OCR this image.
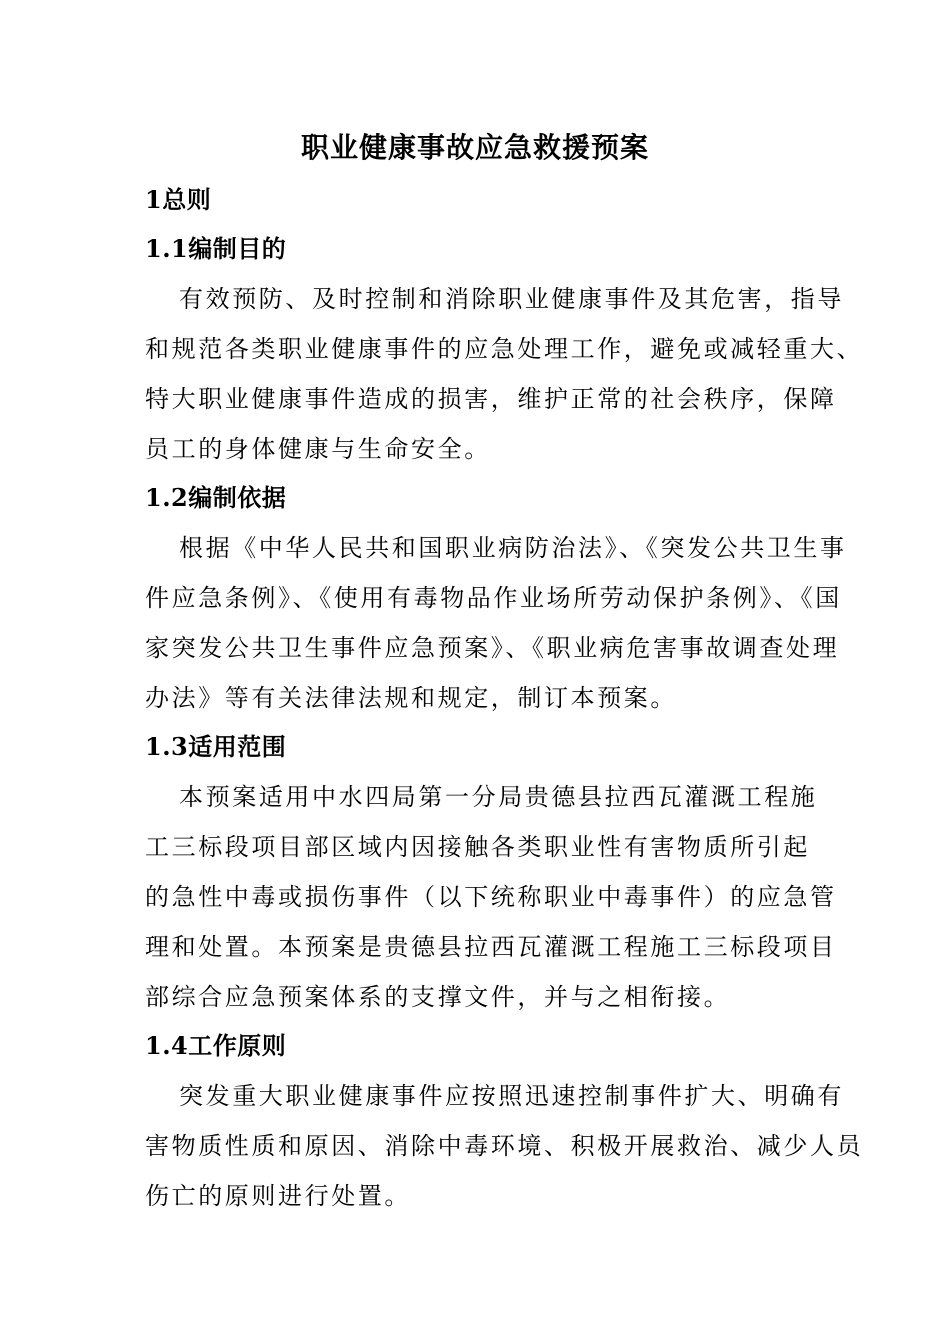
职业健康事故应急救援预案
1总则
1.1编制目的
有效预防、及时控制和消除职业健康事件及其危害，指导
和规范各类职业健康事件的应急处理工作，避免或减轻重大、
特大职业健康事件造成的损害，维护正常的社会秩序，保障
员工的身体健康与生命安全。
1.2编制依据
根据《中华人民共和国职业病防治法》、《突发公共卫生事
件应急条例》、《使用有毒物品作业场所劳动保护条例》、《国
家突发公共卫生事件应急预案》、《职业病危害事故调查处理
办法》等有关法律法规和规定，制订本预案。
1.3适用范围
本预案适用中水四局第一分局贵德县拉西瓦灌溉工程施
工三标段项目部区域内因接触各类职业性有害物质所引起
的急性中毒或损伤事件（以下统称职业中毒事件）的应急管
理和处置。本预案是贵德县拉西瓦灌溉工程施工三标段项目
部综合应急预案体系的支撑文件，并与之相衔接。
1.4工作原则
突发重大职业健康事件应按照迅速控制事件扩大、明确有
害物质性质和原因、消除中毒环境、积极开展救治、减少人员
伤亡的原则进行处置。
